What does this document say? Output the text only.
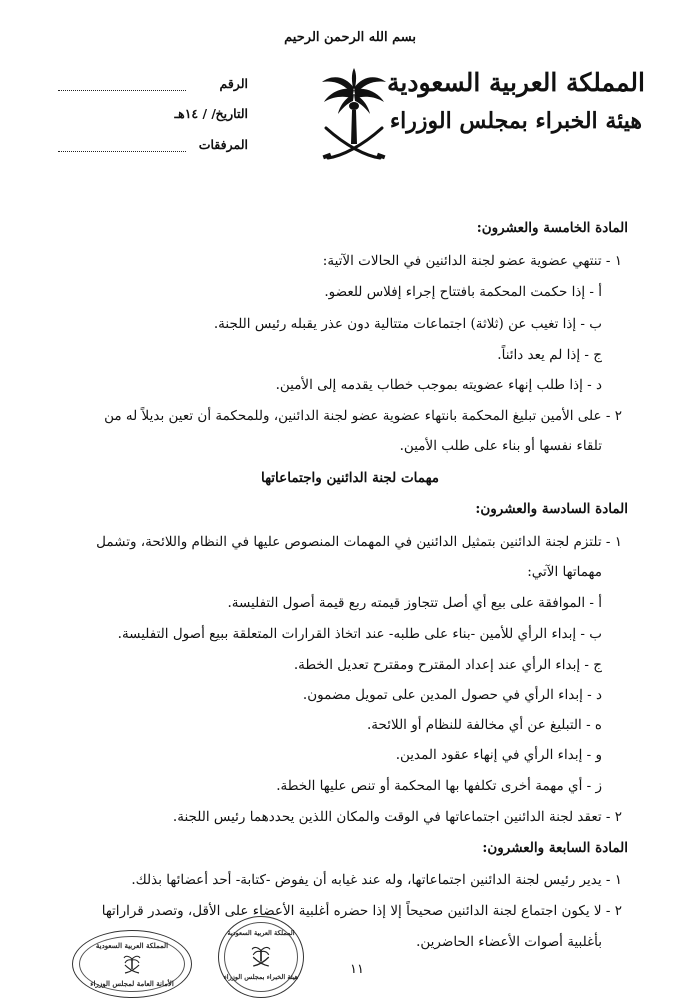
بسم الله الرحمن الرحيم
المملكة العربية السعودية
هيئة الخبراء بمجلس الوزراء
الرقم
التاريخ
/ / ١٤هـ
المرفقات
المادة الخامسة والعشرون:
١ - تنتهي عضوية عضو لجنة الدائنين في الحالات الآتية:
أ - إذا حكمت المحكمة بافتتاح إجراء إفلاس للعضو.
ب - إذا تغيب عن (ثلاثة) اجتماعات متتالية دون عذر يقبله رئيس اللجنة.
ج - إذا لم يعد دائناً.
د - إذا طلب إنهاء عضويته بموجب خطاب يقدمه إلى الأمين.
٢ - على الأمين تبليغ المحكمة بانتهاء عضوية عضو لجنة الدائنين، وللمحكمة أن تعين بديلاً له من
تلقاء نفسها أو بناء على طلب الأمين.
مهمات لجنة الدائنين واجتماعاتها
المادة السادسة والعشرون:
١ - تلتزم لجنة الدائنين بتمثيل الدائنين في المهمات المنصوص عليها في النظام واللائحة، وتشمل
مهماتها الآتي:
أ - الموافقة على بيع أي أصل تتجاوز قيمته ربع قيمة أصول التفليسة.
ب - إبداء الرأي للأمين -بناء على طلبه- عند اتخاذ القرارات المتعلقة ببيع أصول التفليسة.
ج - إبداء الرأي عند إعداد المقترح ومقترح تعديل الخطة.
د - إبداء الرأي في حصول المدين على تمويل مضمون.
ه - التبليغ عن أي مخالفة للنظام أو اللائحة.
و - إبداء الرأي في إنهاء عقود المدين.
ز - أي مهمة أخرى تكلفها بها المحكمة أو تنص عليها الخطة.
٢ - تعقد لجنة الدائنين اجتماعاتها في الوقت والمكان اللذين يحددهما رئيس اللجنة.
المادة السابعة والعشرون:
١ - يدير رئيس لجنة الدائنين اجتماعاتها، وله عند غيابه أن يفوض -كتابة- أحد أعضائها بذلك.
٢ - لا يكون اجتماع لجنة الدائنين صحيحاً إلا إذا حضره أغلبية الأعضاء على الأقل، وتصدر قراراتها
بأغلبية أصوات الأعضاء الحاضرين.
١١
المملكة العربية السعودية
الأمانة العامة لمجلس الوزراء
المملكة العربية السعودية
هيئة الخبراء بمجلس الوزراء
